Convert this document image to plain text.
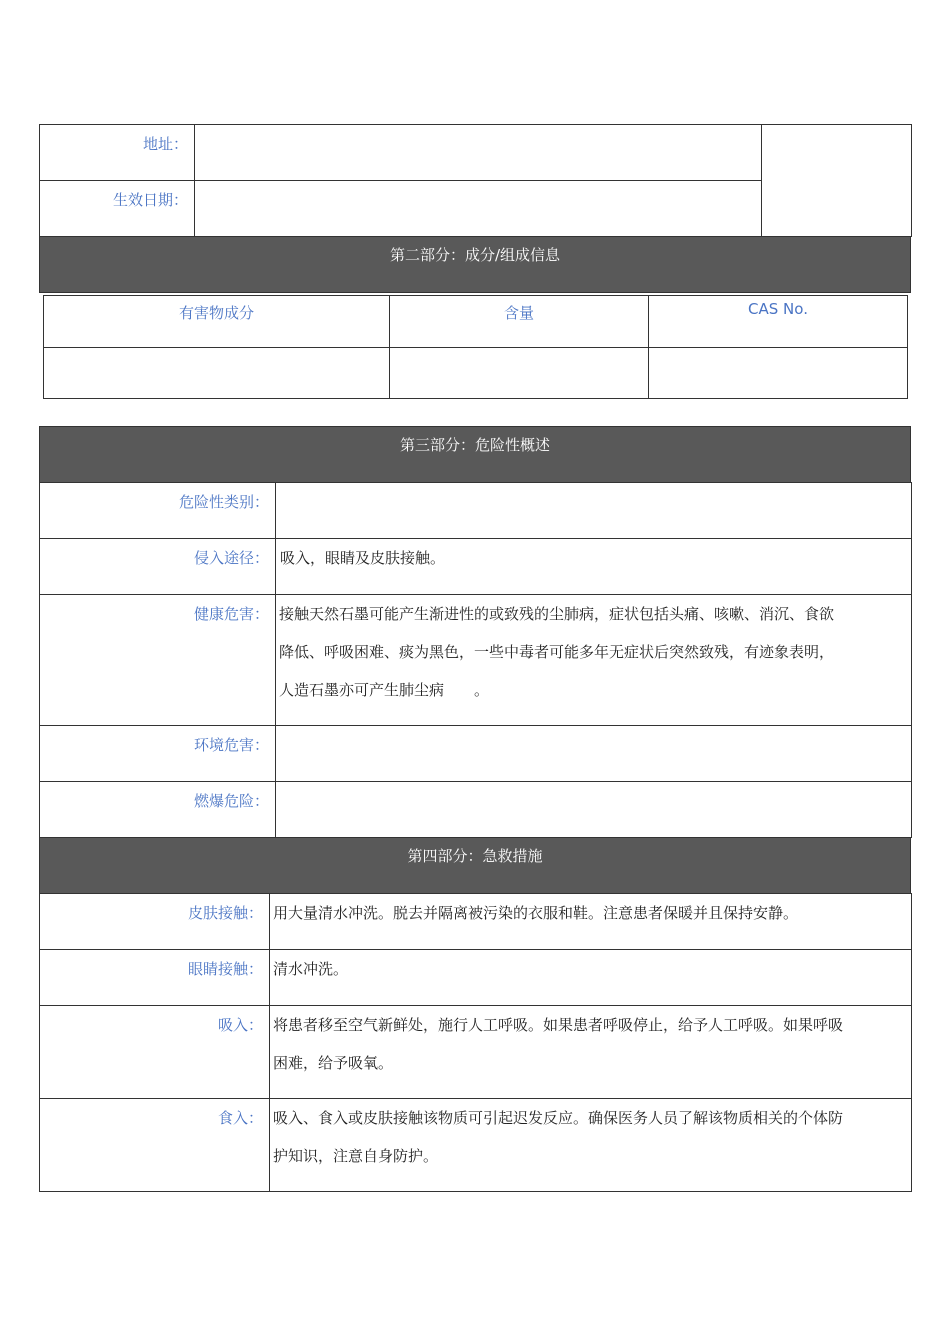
地址：		
生效日期：		
第二部分：成分/组成信息
有害物成分	含量	CAS No.

第三部分：危险性概述
危险性类别：	
侵入途径：	吸入，眼睛及皮肤接触。
健康危害：	接触天然石墨可能产生渐进性的或致残的尘肺病，症状包括头痛、咳嗽、消沉、食欲
降低、呼吸困难、痰为黑色，一些中毒者可能多年无症状后突然致残，有迹象表明，
人造石墨亦可产生肺尘病　　。

环境危害：	
燃爆危险：	
第四部分：急救措施
皮肤接触：	用大量清水冲洗。脱去并隔离被污染的衣服和鞋。注意患者保暖并且保持安静。
眼睛接触：	清水冲洗。
吸入：	将患者移至空气新鲜处，施行人工呼吸。如果患者呼吸停止，给予人工呼吸。如果呼吸
困难，给予吸氧。

食入：	吸入、食入或皮肤接触该物质可引起迟发反应。确保医务人员了解该物质相关的个体防
护知识，注意自身防护。
